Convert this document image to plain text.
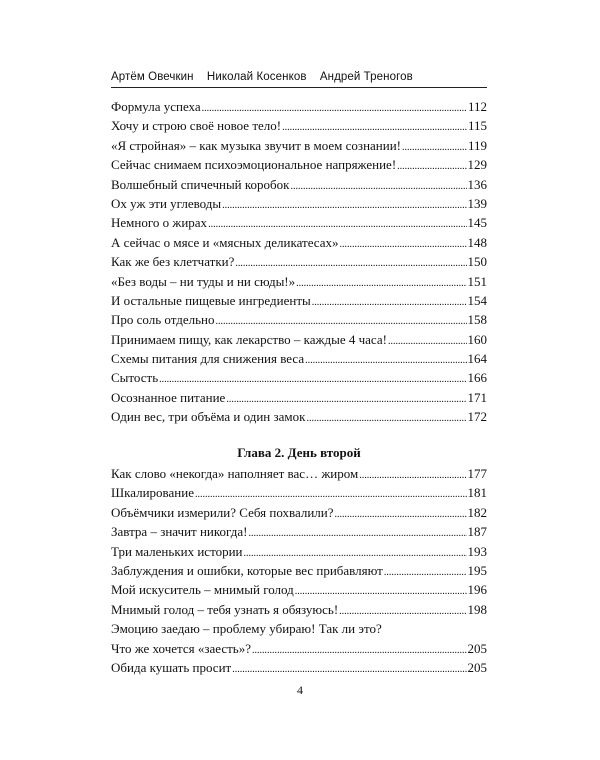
Артём Овечкин Николай Косенков Андрей Треногов
Формула успеха .....	112
Хочу и строю своё новое тело! .....	115
«Я стройная» – как музыка звучит в моем сознании! .....	119
Сейчас снимаем психоэмоциональное напряжение! .....	129
Волшебный спичечный коробок .....	136
Ох уж эти углеводы .....	139
Немного о жирах .....	145
А сейчас о мясе и «мясных деликатесах» .....	148
Как же без клетчатки? .....	150
«Без воды – ни туды и ни сюды!» .....	151
И остальные пищевые ингредиенты .....	154
Про соль отдельно .....	158
Принимаем пищу, как лекарство – каждые 4 часа! .....	160
Схемы питания для снижения веса .....	164
Сытость .....	166
Осознанное питание .....	171
Один вес, три объёма и один замок .....	172
Глава 2. День второй
Как слово «некогда» наполняет вас… жиром .....	177
Шкалирование .....	181
Объёмчики измерили? Себя похвалили? .....	182
Завтра – значит никогда! .....	187
Три маленьких истории .....	193
Заблуждения и ошибки, которые вес прибавляют .....	195
Мой искуситель – мнимый голод .....	196
Мнимый голод – тебя узнать я обязуюсь! .....	198
Эмоцию заедаю – проблему убираю! Так ли это?
Что же хочется «заесть»? .....	205
Обида кушать просит .....	205
4
